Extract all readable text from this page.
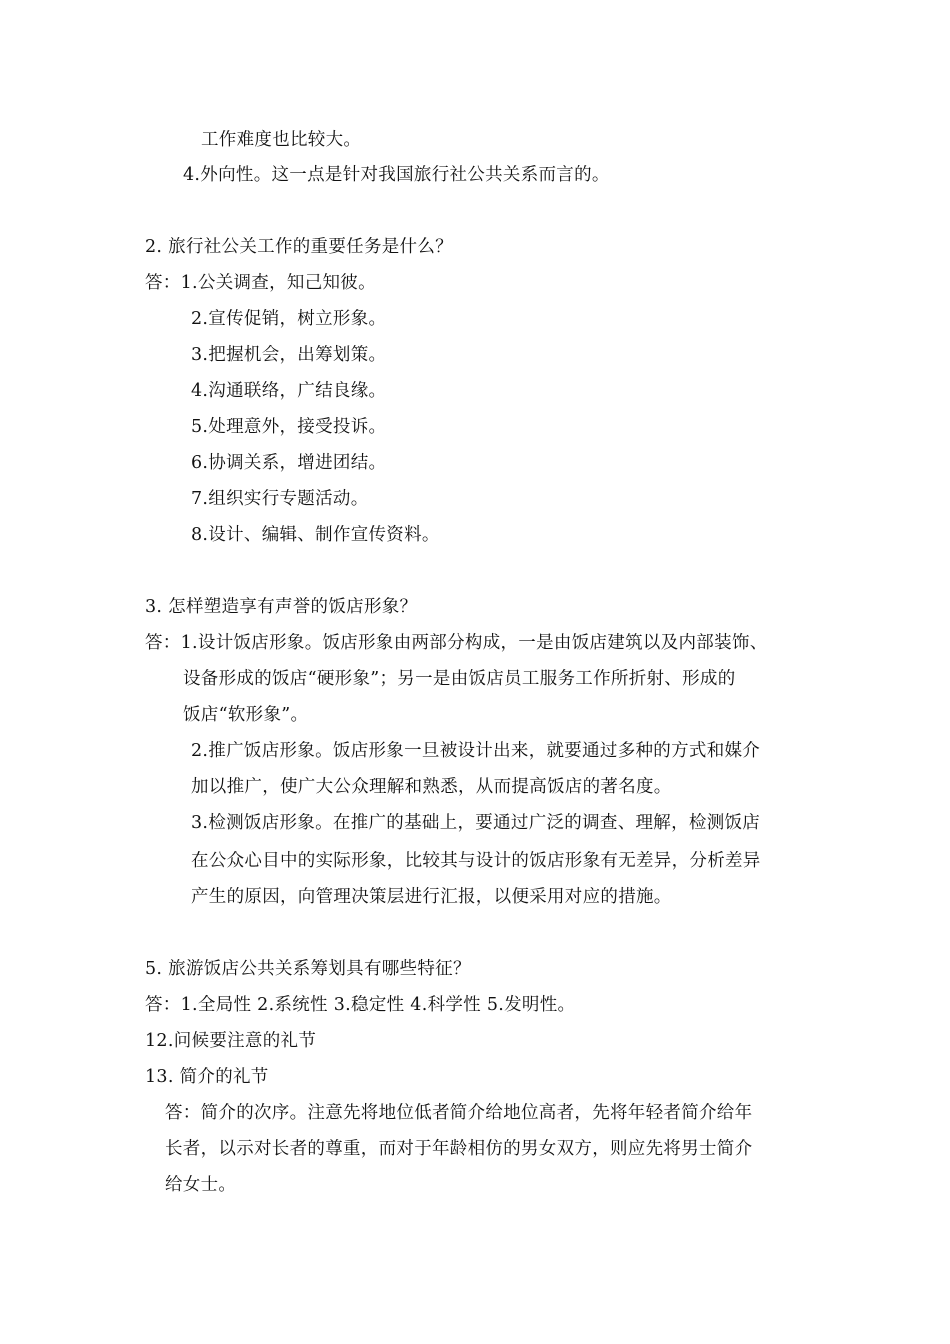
工作难度也比较大。
4.外向性。这一点是针对我国旅行社公共关系而言的。
2. 旅行社公关工作的重要任务是什么？
答：1.公关调查，知己知彼。
2.宣传促销，树立形象。
3.把握机会，出筹划策。
4.沟通联络，广结良缘。
5.处理意外，接受投诉。
6.协调关系，增进团结。
7.组织实行专题活动。
8.设计、编辑、制作宣传资料。
3. 怎样塑造享有声誉的饭店形象？
答：1.设计饭店形象。饭店形象由两部分构成，一是由饭店建筑以及内部装饰、
设备形成的饭店“硬形象”；另一是由饭店员工服务工作所折射、形成的
饭店“软形象”。
2.推广饭店形象。饭店形象一旦被设计出来，就要通过多种的方式和媒介
加以推广，使广大公众理解和熟悉，从而提高饭店的著名度。
3.检测饭店形象。在推广的基础上，要通过广泛的调查、理解，检测饭店
在公众心目中的实际形象，比较其与设计的饭店形象有无差异，分析差异
产生的原因，向管理决策层进行汇报，以便采用对应的措施。
5. 旅游饭店公共关系筹划具有哪些特征？
答：1.全局性 2.系统性 3.稳定性 4.科学性 5.发明性。
12.问候要注意的礼节
13. 简介的礼节
答：简介的次序。注意先将地位低者简介给地位高者，先将年轻者简介给年
长者，以示对长者的尊重，而对于年龄相仿的男女双方，则应先将男士简介
给女士。
